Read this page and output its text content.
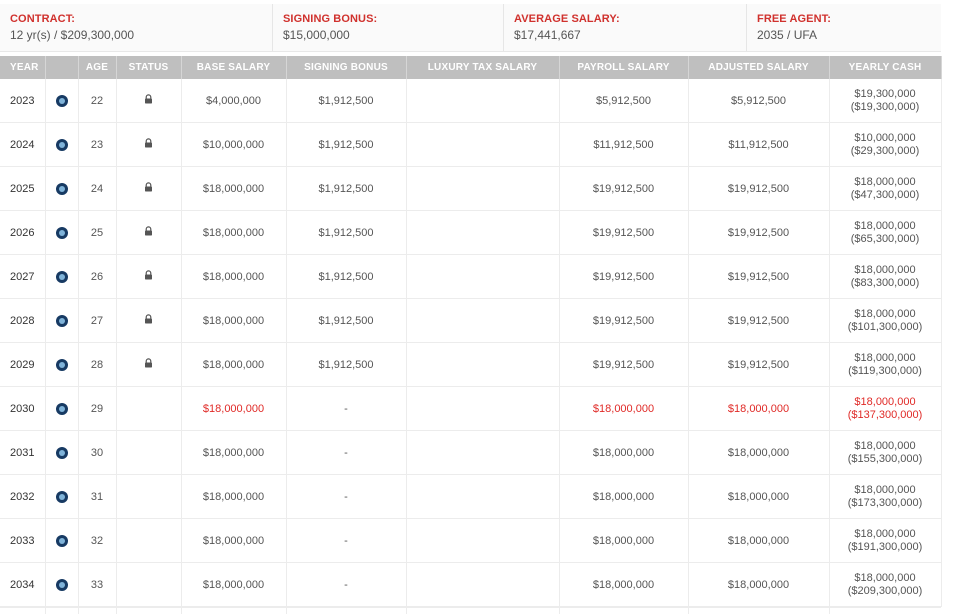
CONTRACT:
12 yr(s) / $209,300,000
SIGNING BONUS:
$15,000,000
AVERAGE SALARY:
$17,441,667
FREE AGENT:
2035 / UFA
YEAR		AGE	STATUS	BASE SALARY	SIGNING BONUS	LUXURY TAX SALARY	PAYROLL SALARY	ADJUSTED SALARY	YEARLY CASH
2023		22		$4,000,000	$1,912,500		$5,912,500	$5,912,500	$19,300,000
($19,300,000)

2024		23		$10,000,000	$1,912,500		$11,912,500	$11,912,500	$10,000,000
($29,300,000)

2025		24		$18,000,000	$1,912,500		$19,912,500	$19,912,500	$18,000,000
($47,300,000)

2026		25		$18,000,000	$1,912,500		$19,912,500	$19,912,500	$18,000,000
($65,300,000)

2027		26		$18,000,000	$1,912,500		$19,912,500	$19,912,500	$18,000,000
($83,300,000)

2028		27		$18,000,000	$1,912,500		$19,912,500	$19,912,500	$18,000,000
($101,300,000)

2029		28		$18,000,000	$1,912,500		$19,912,500	$19,912,500	$18,000,000
($119,300,000)

2030		29		$18,000,000	-		$18,000,000	$18,000,000	$18,000,000
($137,300,000)

2031		30		$18,000,000	-		$18,000,000	$18,000,000	$18,000,000
($155,300,000)

2032		31		$18,000,000	-		$18,000,000	$18,000,000	$18,000,000
($173,300,000)

2033		32		$18,000,000	-		$18,000,000	$18,000,000	$18,000,000
($191,300,000)

2034		33		$18,000,000	-		$18,000,000	$18,000,000	$18,000,000
($209,300,000)
